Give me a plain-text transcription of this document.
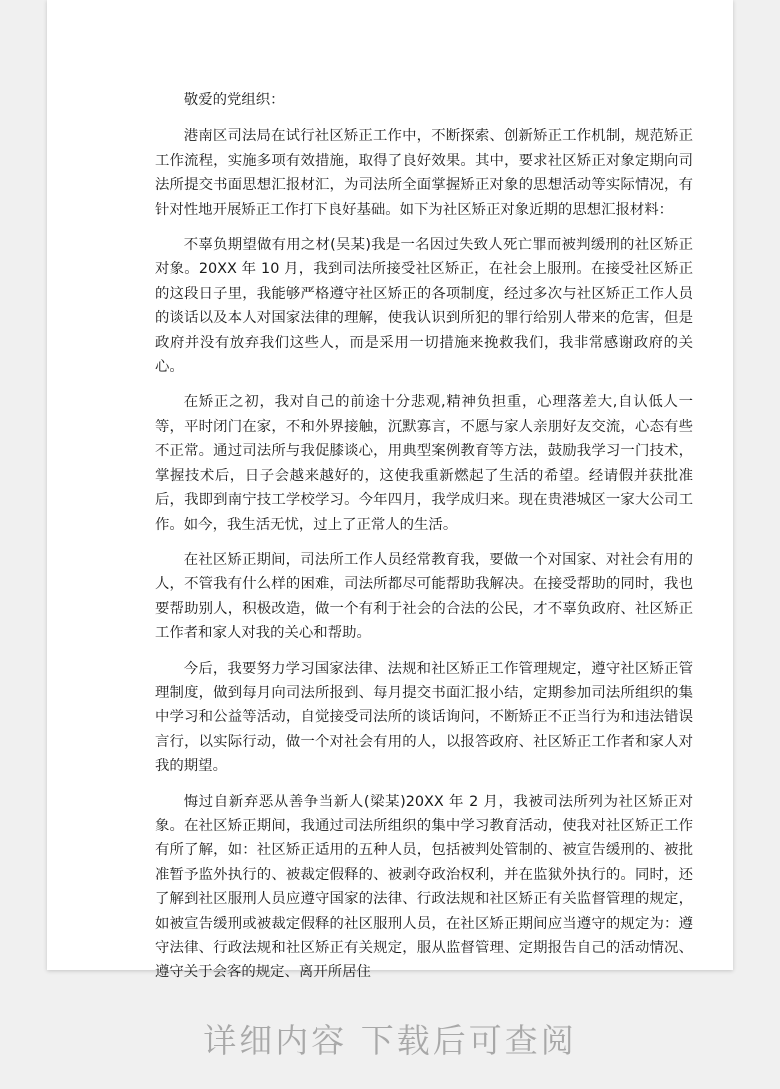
敬爱的党组织：

港南区司法局在试行社区矫正工作中，不断探索、创新矫正工作机制，规范矫正工作流程，实施多项有效措施，取得了良好效果。其中，要求社区矫正对象定期向司法所提交书面思想汇报材汇，为司法所全面掌握矫正对象的思想活动等实际情况，有针对性地开展矫正工作打下良好基础。如下为社区矫正对象近期的思想汇报材料：

不辜负期望做有用之材(吴某)我是一名因过失致人死亡罪而被判缓刑的社区矫正对象。20XX 年 10 月，我到司法所接受社区矫正，在社会上服刑。在接受社区矫正的这段日子里，我能够严格遵守社区矫正的各项制度，经过多次与社区矫正工作人员的谈话以及本人对国家法律的理解，使我认识到所犯的罪行给别人带来的危害，但是政府并没有放弃我们这些人，而是采用一切措施来挽救我们，我非常感谢政府的关心。

在矫正之初，我对自己的前途十分悲观,精神负担重，心理落差大,自认低人一等，平时闭门在家，不和外界接触，沉默寡言，不愿与家人亲朋好友交流，心态有些不正常。通过司法所与我促膝谈心，用典型案例教育等方法，鼓励我学习一门技术，掌握技术后，日子会越来越好的，这使我重新燃起了生活的希望。经请假并获批准后，我即到南宁技工学校学习。今年四月，我学成归来。现在贵港城区一家大公司工作。如今，我生活无忧，过上了正常人的生活。

在社区矫正期间，司法所工作人员经常教育我，要做一个对国家、对社会有用的人，不管我有什么样的困难，司法所都尽可能帮助我解决。在接受帮助的同时，我也要帮助别人，积极改造，做一个有利于社会的合法的公民，才不辜负政府、社区矫正工作者和家人对我的关心和帮助。

今后，我要努力学习国家法律、法规和社区矫正工作管理规定，遵守社区矫正管理制度，做到每月向司法所报到、每月提交书面汇报小结，定期参加司法所组织的集中学习和公益等活动，自觉接受司法所的谈话询问，不断矫正不正当行为和违法错误言行，以实际行动，做一个对社会有用的人，以报答政府、社区矫正工作者和家人对我的期望。

悔过自新弃恶从善争当新人(梁某)20XX 年 2 月，我被司法所列为社区矫正对象。在社区矫正期间，我通过司法所组织的集中学习教育活动，使我对社区矫正工作有所了解，如：社区矫正适用的五种人员，包括被判处管制的、被宣告缓刑的、被批准暂予监外执行的、被裁定假释的、被剥夺政治权利，并在监狱外执行的。同时，还了解到社区服刑人员应遵守国家的法律、行政法规和社区矫正有关监督管理的规定，如被宣告缓刑或被裁定假释的社区服刑人员，在社区矫正期间应当遵守的规定为：遵守法律、行政法规和社区矫正有关规定，服从监督管理、定期报告自己的活动情况、遵守关于会客的规定、离开所居住

详细内容 下载后可查阅
